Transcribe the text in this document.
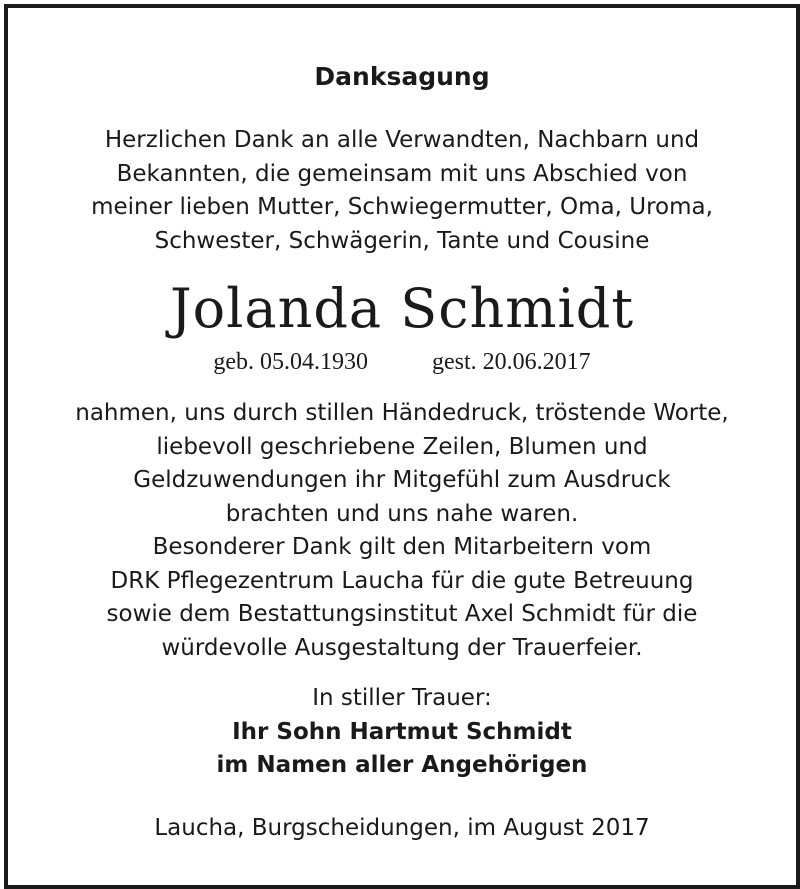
Danksagung
Herzlichen Dank an alle Verwandten, Nachbarn und
Bekannten, die gemeinsam mit uns Abschied von
meiner lieben Mutter, Schwiegermutter, Oma, Uroma,
Schwester, Schwägerin, Tante und Cousine
Jolanda Schmidt
geb. 05.04.1930	gest. 20.06.2017
nahmen, uns durch stillen Händedruck, tröstende Worte,
liebevoll geschriebene Zeilen, Blumen und
Geldzuwendungen ihr Mitgefühl zum Ausdruck
brachten und uns nahe waren.
Besonderer Dank gilt den Mitarbeitern vom
DRK Pflegezentrum Laucha für die gute Betreuung
sowie dem Bestattungsinstitut Axel Schmidt für die
würdevolle Ausgestaltung der Trauerfeier.
In stiller Trauer:
Ihr Sohn Hartmut Schmidt
im Namen aller Angehörigen
Laucha, Burgscheidungen, im August 2017
